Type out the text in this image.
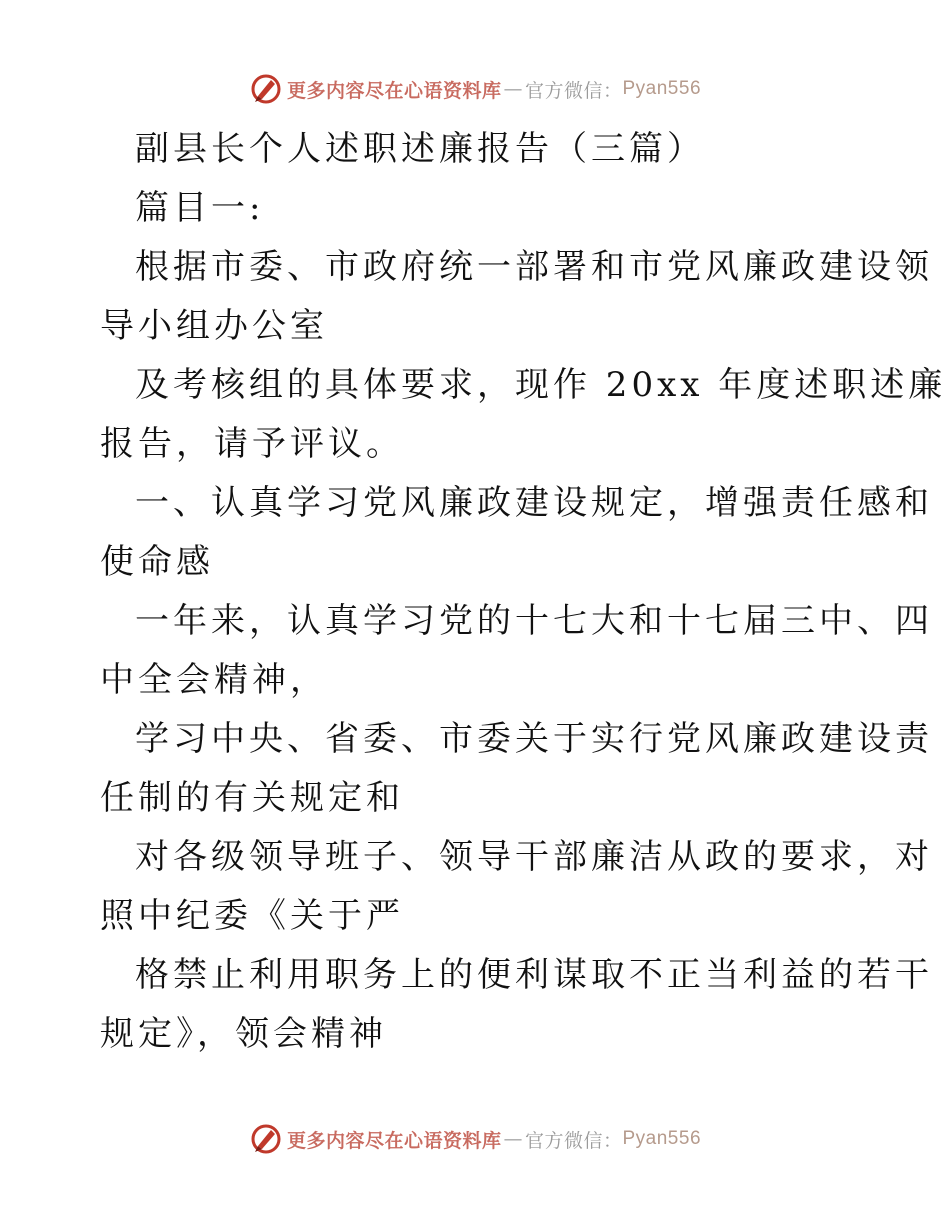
更多内容尽在心语资料库 — 官方微信： Pyan556
副县长个人述职述廉报告（三篇）
篇目一:
根据市委、市政府统一部署和市党风廉政建设领
导小组办公室
及考核组的具体要求，现作 20xx 年度述职述廉
报告，请予评议。
一、认真学习党风廉政建设规定，增强责任感和
使命感
一年来，认真学习党的十七大和十七届三中、四
中全会精神，
学习中央、省委、市委关于实行党风廉政建设责
任制的有关规定和
对各级领导班子、领导干部廉洁从政的要求，对
照中纪委《关于严
格禁止利用职务上的便利谋取不正当利益的若干
规定》，领会精神
更多内容尽在心语资料库 — 官方微信： Pyan556
